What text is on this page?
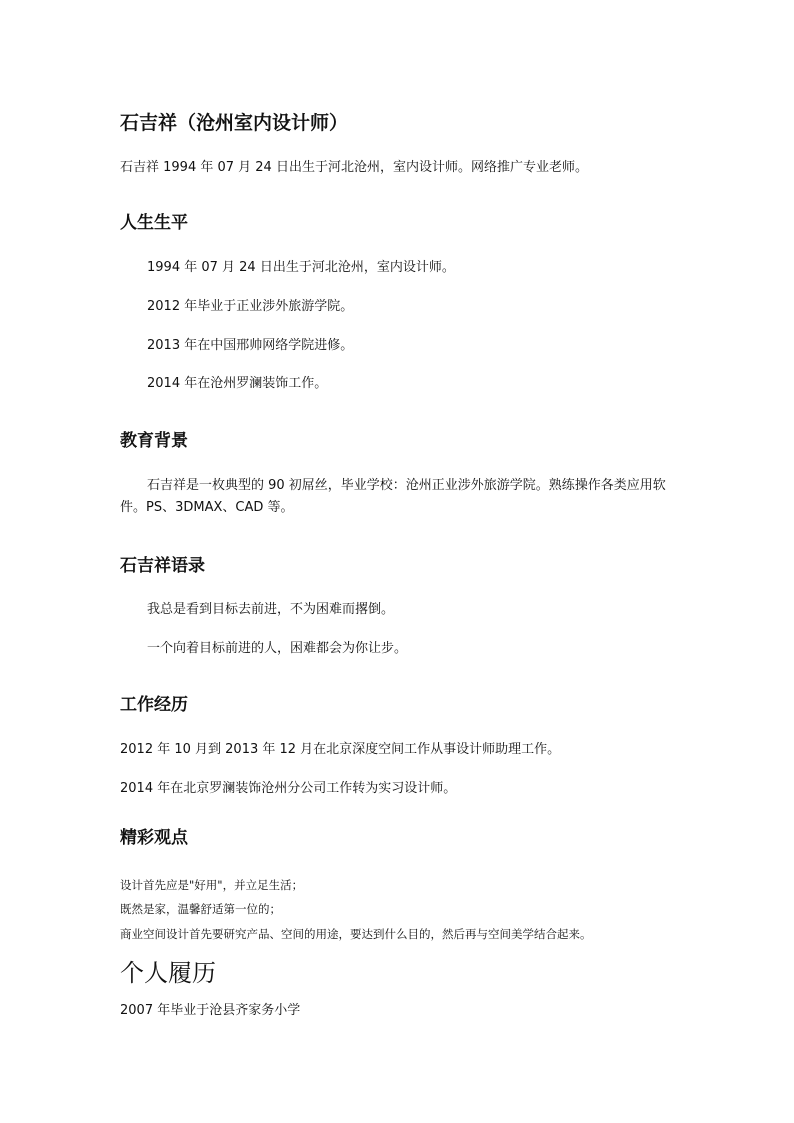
石吉祥（沧州室内设计师）

石吉祥 1994 年 07 月 24 日出生于河北沧州，室内设计师。网络推广专业老师。

人生生平

1994 年 07 月 24 日出生于河北沧州，室内设计师。

2012 年毕业于正业涉外旅游学院。

2013 年在中国邢帅网络学院进修。

2014 年在沧州罗澜装饰工作。

教育背景

石吉祥是一枚典型的 90 初屌丝，毕业学校：沧州正业涉外旅游学院。熟练操作各类应用软件。PS、3DMAX、CAD 等。

石吉祥语录

我总是看到目标去前进，不为困难而撂倒。

一个向着目标前进的人，困难都会为你让步。

工作经历

2012 年 10 月到 2013 年 12 月在北京深度空间工作从事设计师助理工作。

2014 年在北京罗澜装饰沧州分公司工作转为实习设计师。

精彩观点

设计首先应是"好用"，并立足生活；

既然是家，温馨舒适第一位的；

商业空间设计首先要研究产品、空间的用途，要达到什么目的，然后再与空间美学结合起来。

个人履历

2007 年毕业于沧县齐家务小学
